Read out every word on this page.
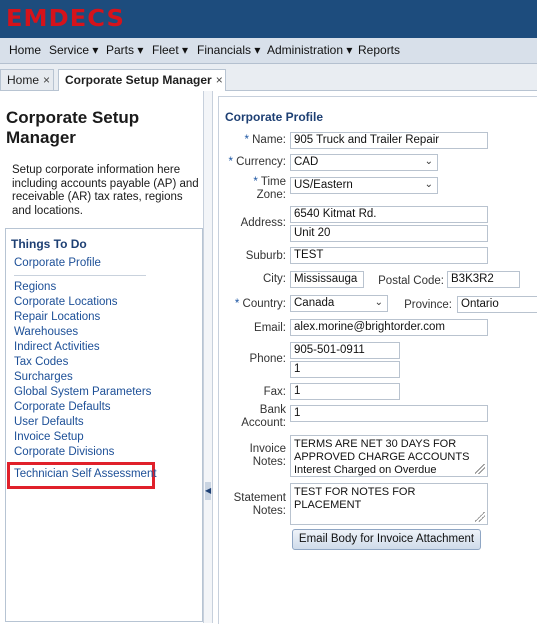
EMDECS
Home Service ▾ Parts ▾ Fleet ▾ Financials ▾ Administration ▾ Reports
Home ×	Corporate Setup Manager ×
Corporate Setup
Manager
Setup corporate information here including accounts payable (AP) and receivable (AR) tax rates, regions and locations.
Things To Do
Corporate Profile
Regions
Corporate Locations
Repair Locations
Warehouses
Indirect Activities
Tax Codes
Surcharges
Global System Parameters
Corporate Defaults
User Defaults
Invoice Setup
Corporate Divisions
Technician Self Assessment
◀
Corporate Profile
* Name: 905 Truck and Trailer Repair
* Currency: CAD	⌄
* Time
Zone:
US/Eastern	⌄
Address:
6540 Kitmat Rd.
Unit 20
Suburb: TEST
City: Mississauga	Postal Code: B3K3R2
* Country: Canada	⌄	Province: Ontario
Email: alex.morine@brightorder.com
Phone:
905-501-0911
1
Fax: 1
Bank
Account:
1
Invoice
Notes:
TERMS ARE NET 30 DAYS FOR APPROVED CHARGE ACCOUNTS Interest Charged on Overdue
Statement
Notes:
TEST FOR NOTES FOR PLACEMENT
Email Body for Invoice Attachment
